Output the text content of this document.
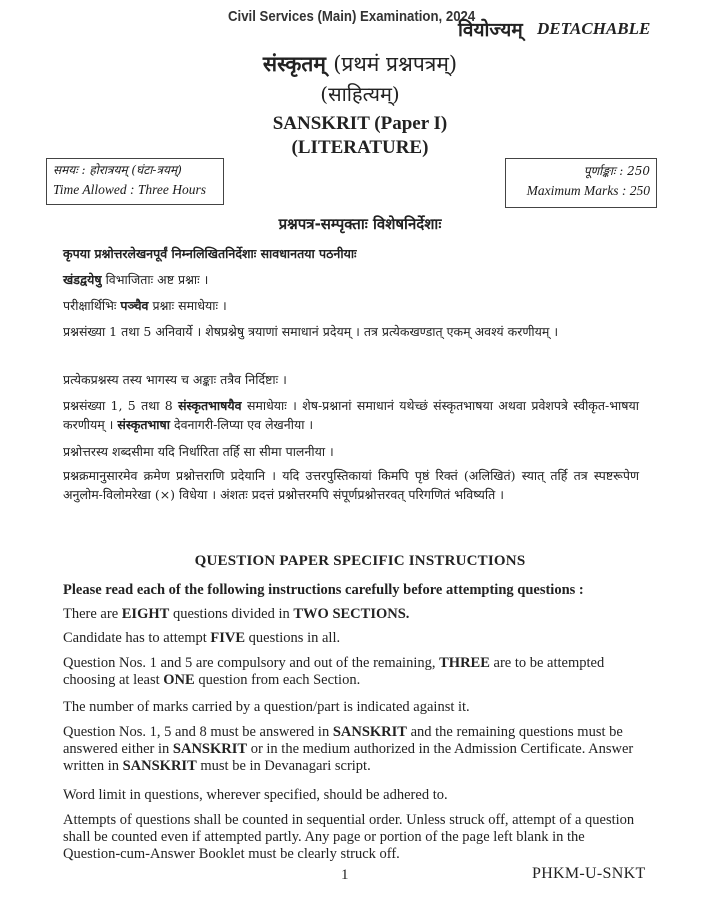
Civil Services (Main) Examination, 2024
वियोज्यम् DETACHABLE
संस्कृतम् (प्रथमं प्रश्नपत्रम्)
(साहित्यम्)
SANSKRIT (Paper I)
(LITERATURE)
समयः : होरात्रयम् (घंटा-त्रयम्)
Time Allowed : Three Hours
पूर्णाङ्काः : 250
Maximum Marks : 250
प्रश्नपत्र-सम्पृक्ताः विशेषनिर्देशाः
कृपया प्रश्नोत्तरलेखनपूर्वं निम्नलिखितनिर्देशाः सावधानतया पठनीयाः
खंडद्वयेषु विभाजिताः अष्ट प्रश्नाः ।
परीक्षार्थिभिः पञ्चैव प्रश्नाः समाधेयाः ।
प्रश्नसंख्या 1 तथा 5 अनिवार्ये । शेषप्रश्नेषु त्रयाणां समाधानं प्रदेयम् । तत्र प्रत्येकखण्डात् एकम् अवश्यं करणीयम् ।
प्रत्येकप्रश्नस्य तस्य भागस्य च अङ्काः तत्रैव निर्दिष्टाः ।
प्रश्नसंख्या 1, 5 तथा 8 संस्कृतभाषयैव समाधेयाः । शेष-प्रश्नानां समाधानं यथेच्छं संस्कृतभाषया अथवा प्रवेशपत्रे स्वीकृत-भाषया करणीयम् । संस्कृतभाषा देवनागरी-लिप्या एव लेखनीया ।
प्रश्नोत्तरस्य शब्दसीमा यदि निर्धारिता तर्हि सा सीमा पालनीया ।
प्रश्नक्रमानुसारमेव क्रमेण प्रश्नोत्तराणि प्रदेयानि । यदि उत्तरपुस्तिकायां किमपि पृष्ठं रिक्तं (अलिखितं) स्यात् तर्हि तत्र स्पष्टरूपेण अनुलोम-विलोमरेखा (×) विधेया । अंशतः प्रदत्तं प्रश्नोत्तरमपि संपूर्णप्रश्नोत्तरवत् परिगणितं भविष्यति ।
QUESTION PAPER SPECIFIC INSTRUCTIONS
Please read each of the following instructions carefully before attempting questions :
There are EIGHT questions divided in TWO SECTIONS.
Candidate has to attempt FIVE questions in all.
Question Nos. 1 and 5 are compulsory and out of the remaining, THREE are to be attempted choosing at least ONE question from each Section.
The number of marks carried by a question/part is indicated against it.
Question Nos. 1, 5 and 8 must be answered in SANSKRIT and the remaining questions must be answered either in SANSKRIT or in the medium authorized in the Admission Certificate. Answer written in SANSKRIT must be in Devanagari script.
Word limit in questions, wherever specified, should be adhered to.
Attempts of questions shall be counted in sequential order. Unless struck off, attempt of a question shall be counted even if attempted partly. Any page or portion of the page left blank in the Question-cum-Answer Booklet must be clearly struck off.
1	PHKM-U-SNKT
